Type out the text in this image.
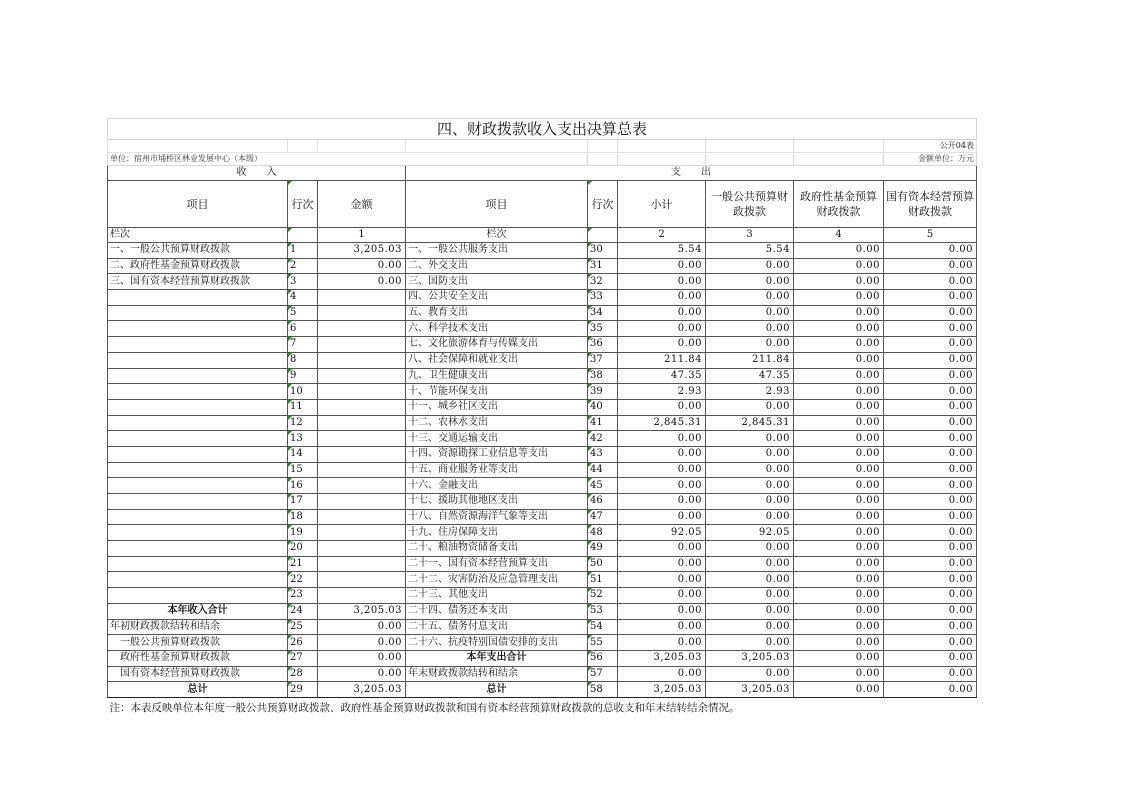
四、财政拨款收入支出决算总表								
								公开04表
单位：宿州市埇桥区林业发展中心（本级）								金额单位：万元
收　　入			支　　出					
项目	行次	金额	项目	行次	小计	一般公共预算财政拨款	政府性基金预算财政拨款	国有资本经营预算财政拨款
栏次		1	栏次		2	3	4	5
一、一般公共预算财政拨款	1	3,205.03	一、一般公共服务支出	30	5.54	5.54	0.00	0.00
二、政府性基金预算财政拨款	2	0.00	二、外交支出	31	0.00	0.00	0.00	0.00
三、国有资本经营预算财政拨款	3	0.00	三、国防支出	32	0.00	0.00	0.00	0.00
	4		四、公共安全支出	33	0.00	0.00	0.00	0.00
	5		五、教育支出	34	0.00	0.00	0.00	0.00
	6		六、科学技术支出	35	0.00	0.00	0.00	0.00
	7		七、文化旅游体育与传媒支出	36	0.00	0.00	0.00	0.00
	8		八、社会保障和就业支出	37	211.84	211.84	0.00	0.00
	9		九、卫生健康支出	38	47.35	47.35	0.00	0.00
	10		十、节能环保支出	39	2.93	2.93	0.00	0.00
	11		十一、城乡社区支出	40	0.00	0.00	0.00	0.00
	12		十二、农林水支出	41	2,845.31	2,845.31	0.00	0.00
	13		十三、交通运输支出	42	0.00	0.00	0.00	0.00
	14		十四、资源勘探工业信息等支出	43	0.00	0.00	0.00	0.00
	15		十五、商业服务业等支出	44	0.00	0.00	0.00	0.00
	16		十六、金融支出	45	0.00	0.00	0.00	0.00
	17		十七、援助其他地区支出	46	0.00	0.00	0.00	0.00
	18		十八、自然资源海洋气象等支出	47	0.00	0.00	0.00	0.00
	19		十九、住房保障支出	48	92.05	92.05	0.00	0.00
	20		二十、粮油物资储备支出	49	0.00	0.00	0.00	0.00
	21		二十一、国有资本经营预算支出	50	0.00	0.00	0.00	0.00
	22		二十二、灾害防治及应急管理支出	51	0.00	0.00	0.00	0.00
	23		二十三、其他支出	52	0.00	0.00	0.00	0.00
本年收入合计	24	3,205.03	二十四、债务还本支出	53	0.00	0.00	0.00	0.00
年初财政拨款结转和结余	25	0.00	二十五、债务付息支出	54	0.00	0.00	0.00	0.00
一般公共预算财政拨款	26	0.00	二十六、抗疫特别国债安排的支出	55	0.00	0.00	0.00	0.00
政府性基金预算财政拨款	27	0.00	本年支出合计	56	3,205.03	3,205.03	0.00	0.00
国有资本经营预算财政拨款	28	0.00	年末财政拨款结转和结余	57	0.00	0.00	0.00	0.00
总计	29	3,205.03	总计	58	3,205.03	3,205.03	0.00	0.00
注：本表反映单位本年度一般公共预算财政拨款、政府性基金预算财政拨款和国有资本经营预算财政拨款的总收支和年末结转结余情况。								
